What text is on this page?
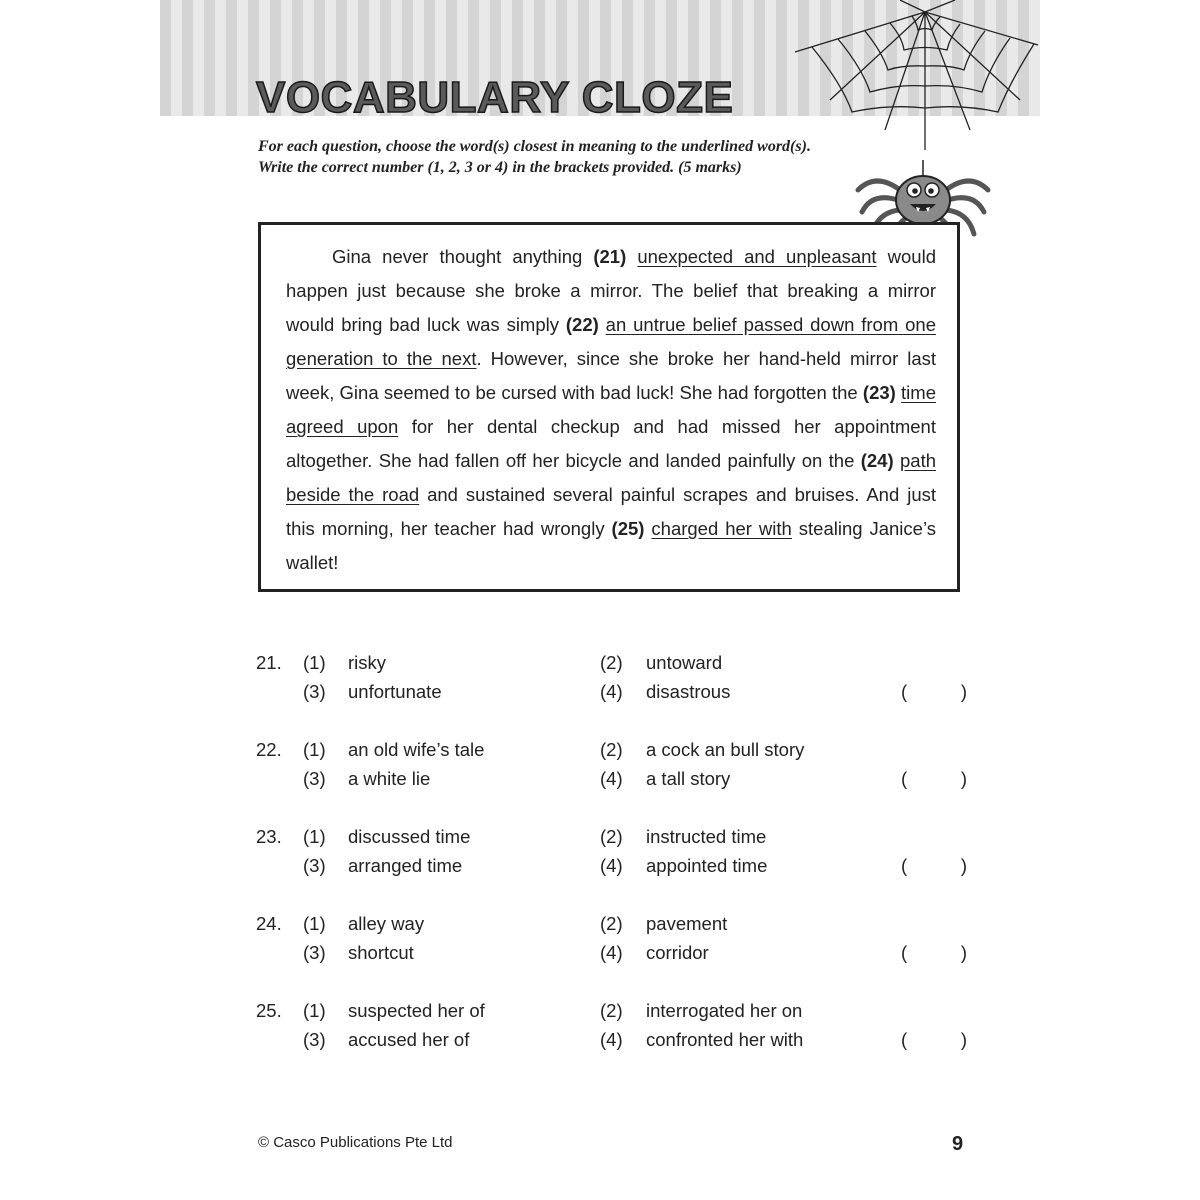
VOCABULARY CLOZE
For each question, choose the word(s) closest in meaning to the underlined word(s). Write the correct number (1, 2, 3 or 4) in the brackets provided. (5 marks)

Gina never thought anything (21) unexpected and unpleasant would happen just because she broke a mirror. The belief that breaking a mirror would bring bad luck was simply (22) an untrue belief passed down from one generation to the next. However, since she broke her hand-held mirror last week, Gina seemed to be cursed with bad luck! She had forgotten the (23) time agreed upon for her dental checkup and had missed her appointment altogether. She had fallen off her bicycle and landed painfully on the (24) path beside the road and sustained several painful scrapes and bruises. And just this morning, her teacher had wrongly (25) charged her with stealing Janice’s wallet!

21. (1) risky	(2) untoward
(3) unfortunate	(4) disastrous	(	)
22. (1) an old wife’s tale	(2) a cock an bull story
(3) a white lie	(4) a tall story	(	)
23. (1) discussed time	(2) instructed time
(3) arranged time	(4) appointed time	(	)
24. (1) alley way	(2) pavement
(3) shortcut	(4) corridor	(	)
25. (1) suspected her of	(2) interrogated her on
(3) accused her of	(4) confronted her with	(	)
© Casco Publications Pte Ltd	9
